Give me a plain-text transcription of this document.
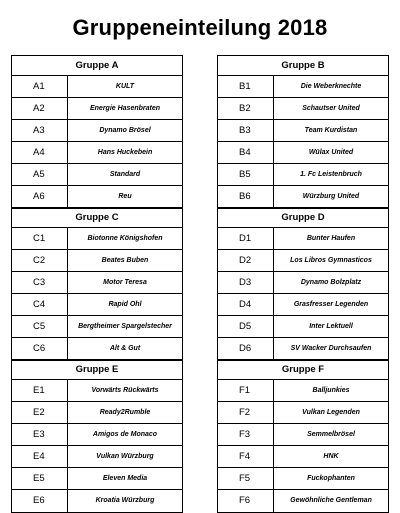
Gruppeneinteilung 2018
Gruppe A
A1	KULT
A2	Energie Hasenbraten
A3	Dynamo Brösel
A4	Hans Huckebein
A5	Standard
A6	Reu
Gruppe B
B1	Die Weberknechte
B2	Schautser United
B3	Team Kurdistan
B4	Wülax United
B5	1. Fc Leistenbruch
B6	Würzburg United
Gruppe C
C1	Biotonne Königshofen
C2	Beates Buben
C3	Motor Teresa
C4	Rapid Ohl
C5	Bergtheimer Spargelstecher
C6	Alt & Gut
Gruppe D
D1	Bunter Haufen
D2	Los Libros Gymnasticos
D3	Dynamo Bolzplatz
D4	Grasfresser Legenden
D5	Inter Lektuell
D6	SV Wacker Durchsaufen
Gruppe E
E1	Vorwärts Rückwärts
E2	Ready2Rumble
E3	Amigos de Monaco
E4	Vulkan Würzburg
E5	Eleven Media
E6	Kroatia Würzburg
Gruppe F
F1	Balljunkies
F2	Vulkan Legenden
F3	Semmelbrösel
F4	HNK
F5	Fuckophanten
F6	Gewöhnliche Gentleman
